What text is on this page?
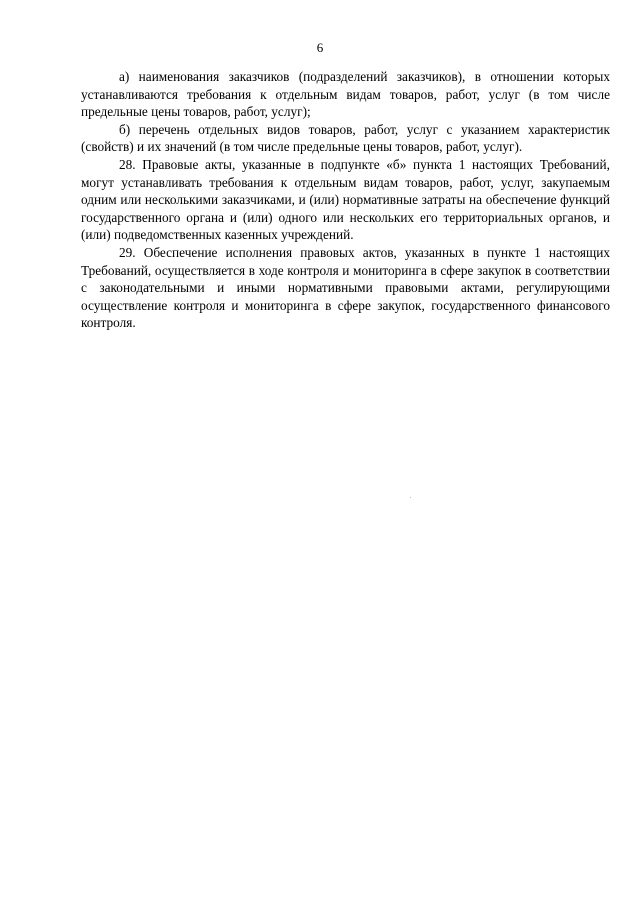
6

а) наименования заказчиков (подразделений заказчиков), в отношении которых устанавливаются требования к отдельным видам товаров, работ, услуг (в том числе предельные цены товаров, работ, услуг);

б) перечень отдельных видов товаров, работ, услуг с указанием характеристик (свойств) и их значений (в том числе предельные цены товаров, работ, услуг).

28. Правовые акты, указанные в подпункте «б» пункта 1 настоящих Требований, могут устанавливать требования к отдельным видам товаров, работ, услуг, закупаемым одним или несколькими заказчиками, и (или) нормативные затраты на обеспечение функций государственного органа и (или) одного или нескольких его территориальных органов, и (или) подведомственных казенных учреждений.

29. Обеспечение исполнения правовых актов, указанных в пункте 1 настоящих Требований, осуществляется в ходе контроля и мониторинга в сфере закупок в соответствии с законодательными и иными нормативными правовыми актами, регулирующими осуществление контроля и мониторинга в сфере закупок, государственного финансового контроля.
